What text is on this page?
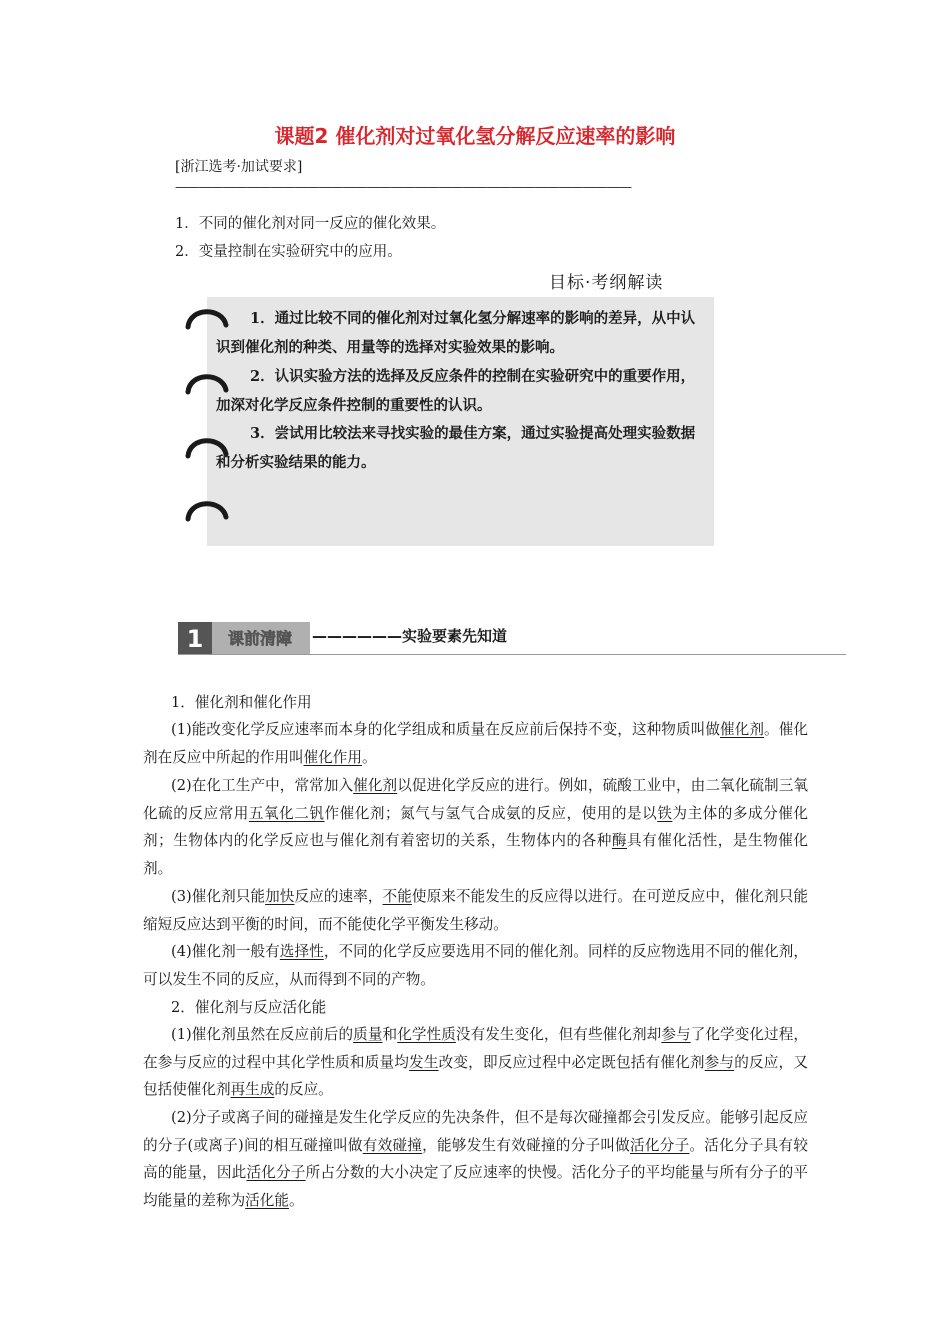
课题2 催化剂对过氧化氢分解反应速率的影响
[浙江选考·加试要求]
——————————————————————————————————————
1．不同的催化剂对同一反应的催化效果。
2．变量控制在实验研究中的应用。
目标·考纲解读
1．通过比较不同的催化剂对过氧化氢分解速率的影响的差异，从中认识到催化剂的种类、用量等的选择对实验效果的影响。
2．认识实验方法的选择及反应条件的控制在实验研究中的重要作用，加深对化学反应条件控制的重要性的认识。
3．尝试用比较法来寻找实验的最佳方案，通过实验提高处理实验数据和分析实验结果的能力。
1 课前清障 ——————实验要素先知道
1．催化剂和催化作用
(1)能改变化学反应速率而本身的化学组成和质量在反应前后保持不变，这种物质叫做催化剂。催化剂在反应中所起的作用叫催化作用。
(2)在化工生产中，常常加入催化剂以促进化学反应的进行。例如，硫酸工业中，由二氧化硫制三氧化硫的反应常用五氧化二钒作催化剂；氮气与氢气合成氨的反应，使用的是以铁为主体的多成分催化剂；生物体内的化学反应也与催化剂有着密切的关系，生物体内的各种酶具有催化活性，是生物催化剂。
(3)催化剂只能加快反应的速率，不能使原来不能发生的反应得以进行。在可逆反应中，催化剂只能缩短反应达到平衡的时间，而不能使化学平衡发生移动。
(4)催化剂一般有选择性，不同的化学反应要选用不同的催化剂。同样的反应物选用不同的催化剂，可以发生不同的反应，从而得到不同的产物。
2．催化剂与反应活化能
(1)催化剂虽然在反应前后的质量和化学性质没有发生变化，但有些催化剂却参与了化学变化过程，在参与反应的过程中其化学性质和质量均发生改变，即反应过程中必定既包括有催化剂参与的反应，又包括使催化剂再生成的反应。
(2)分子或离子间的碰撞是发生化学反应的先决条件，但不是每次碰撞都会引发反应。能够引起反应的分子(或离子)间的相互碰撞叫做有效碰撞，能够发生有效碰撞的分子叫做活化分子。活化分子具有较高的能量，因此活化分子所占分数的大小决定了反应速率的快慢。活化分子的平均能量与所有分子的平均能量的差称为活化能。
